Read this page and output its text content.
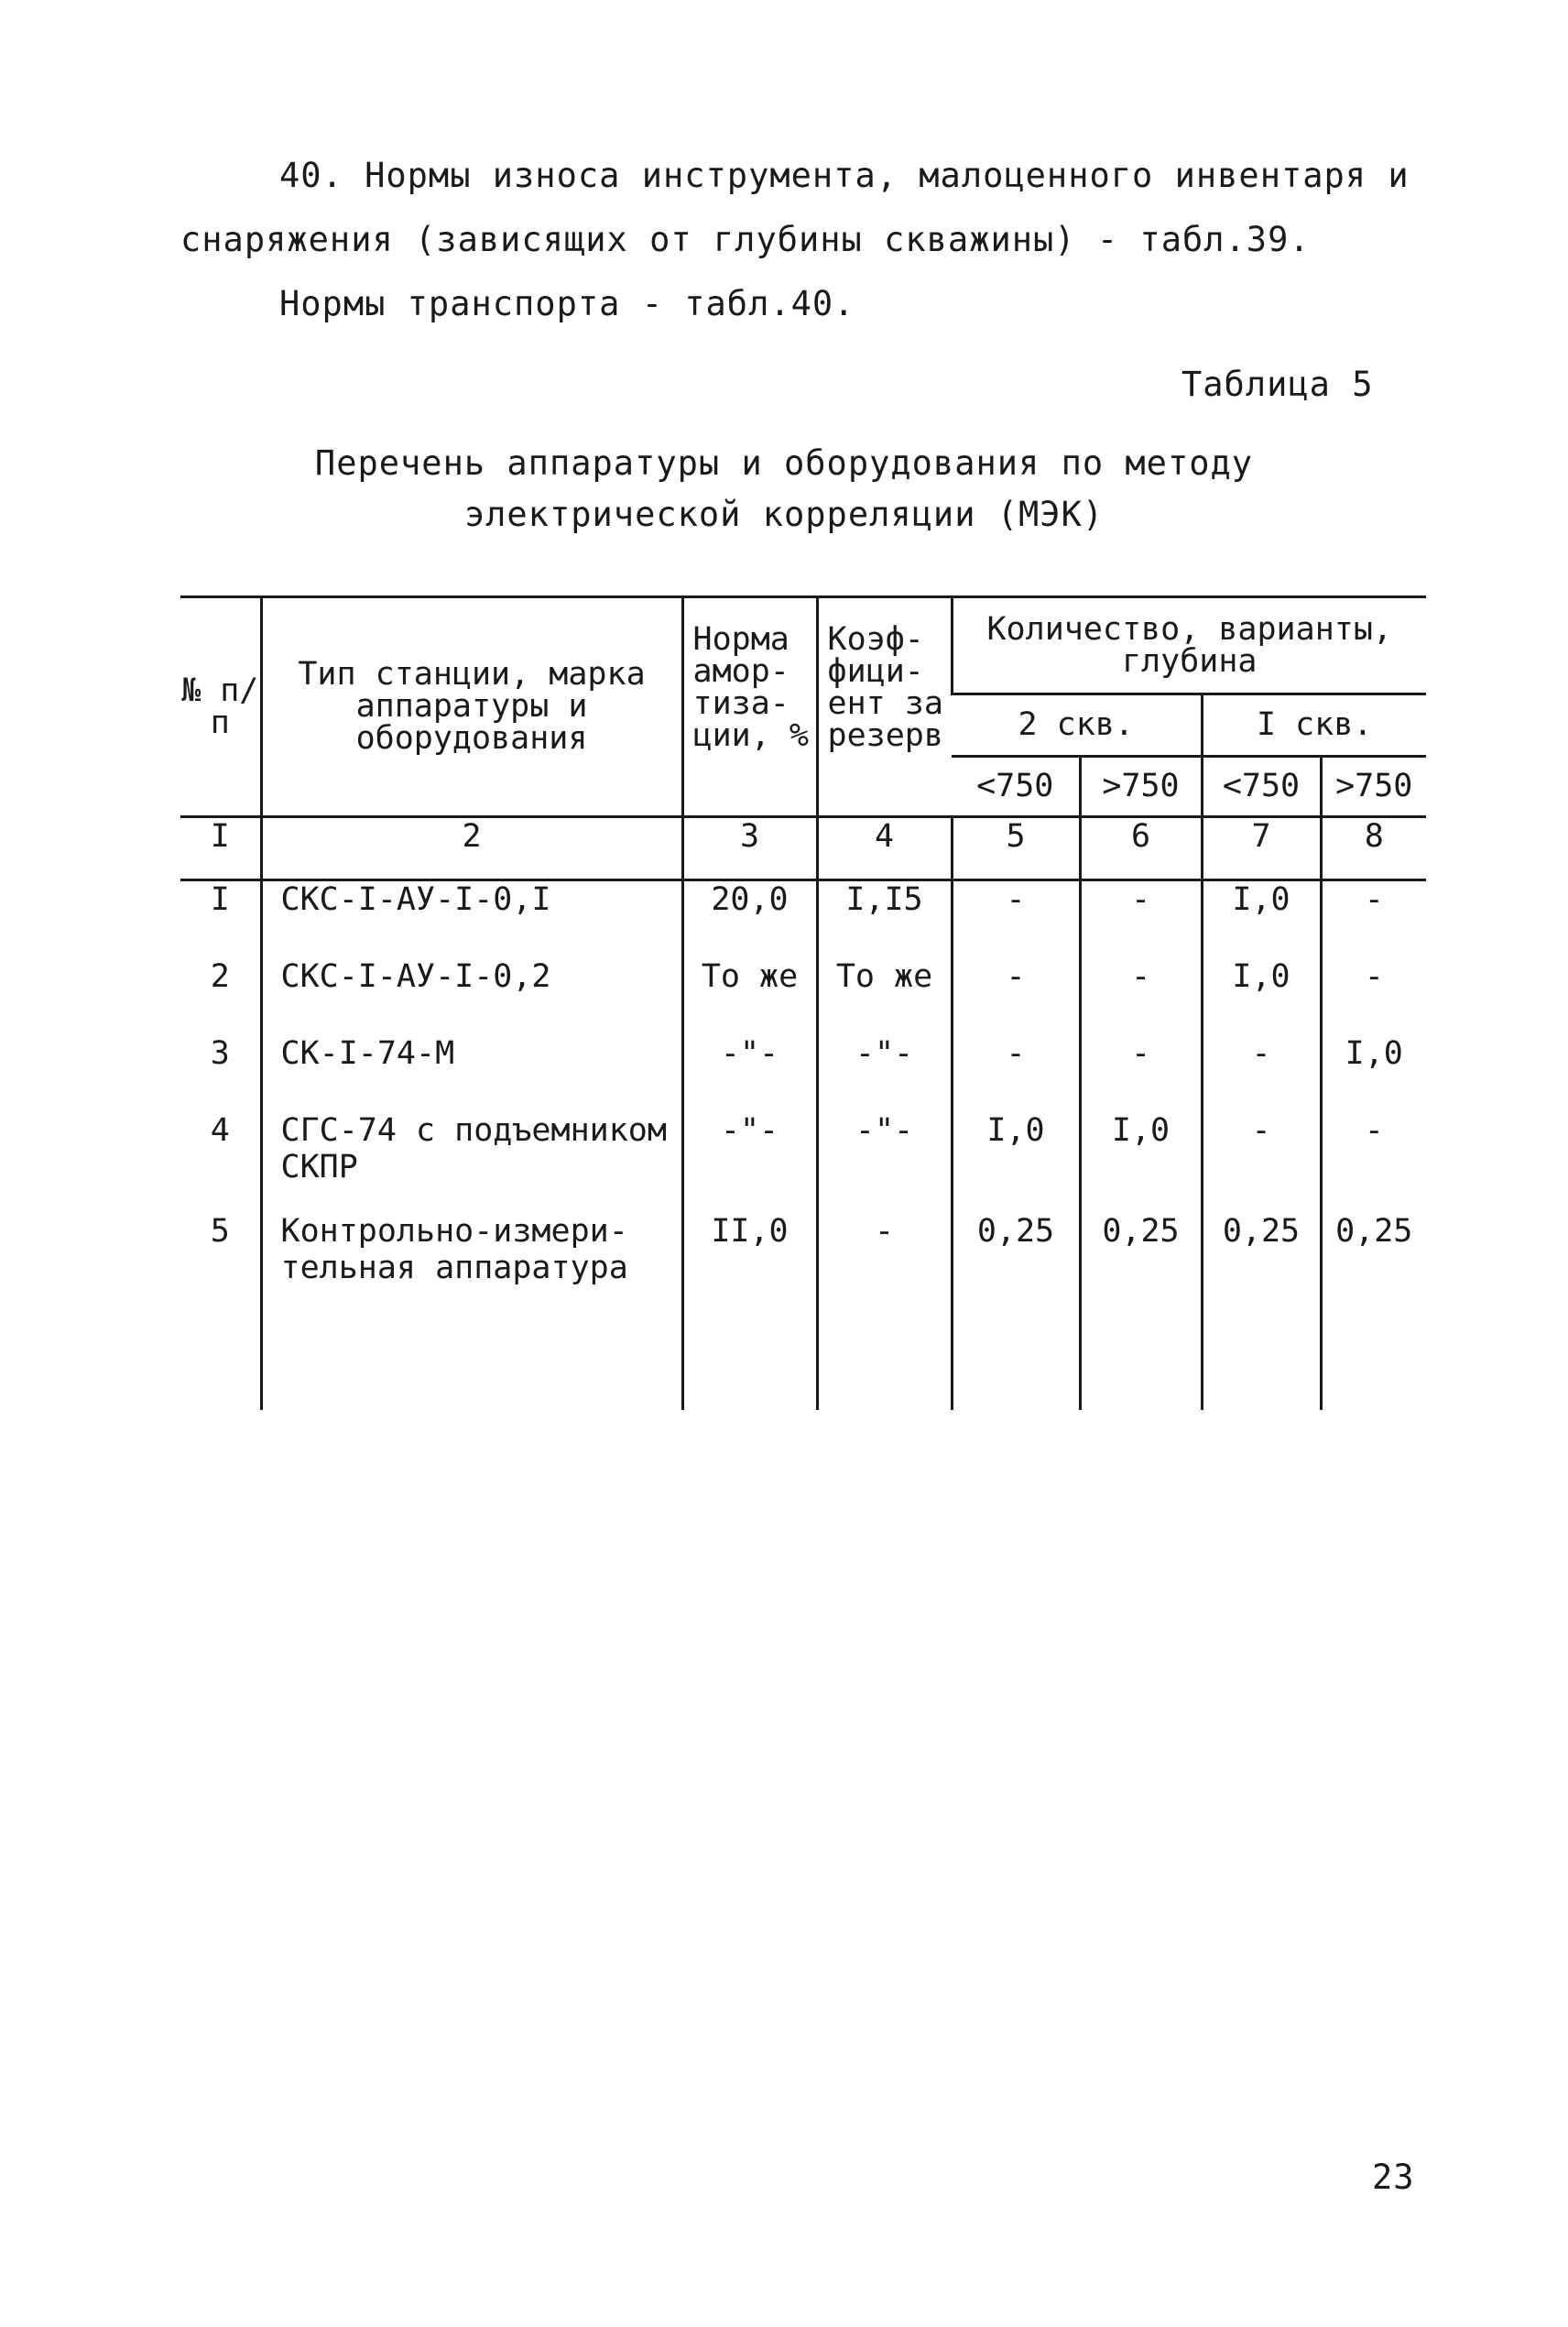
40. Нормы износа инструмента, малоценного инвентаря и
снаряжения (зависящих от глубины скважины) - табл.39.
Нормы транспорта - табл.40.
Таблица 5
Перечень аппаратуры и оборудования по методу
электрической корреляции (МЭК)
№ п/п	Тип станции, марка аппаратуры и оборудования	Норма амор- тиза- ции, %	Коэф- фици- ент за резерв	Количество, варианты, глубина			
				2 скв.		I скв.	
				<750	>750	<750	>750
I	2	3	4	5	6	7	8
I	СКС-I-АУ-I-0,I	20,0	I,I5	-	-	I,0	-
2	СКС-I-АУ-I-0,2	То же	То же	-	-	I,0	-
3	СК-I-74-М	-"-	-"-	-	-	-	I,0
4	СГС-74 с подъемником СКПР	-"-	-"-	I,0	I,0	-	-
5	Контрольно-измери- тельная аппаратура	II,0	-	0,25	0,25	0,25	0,25

23
